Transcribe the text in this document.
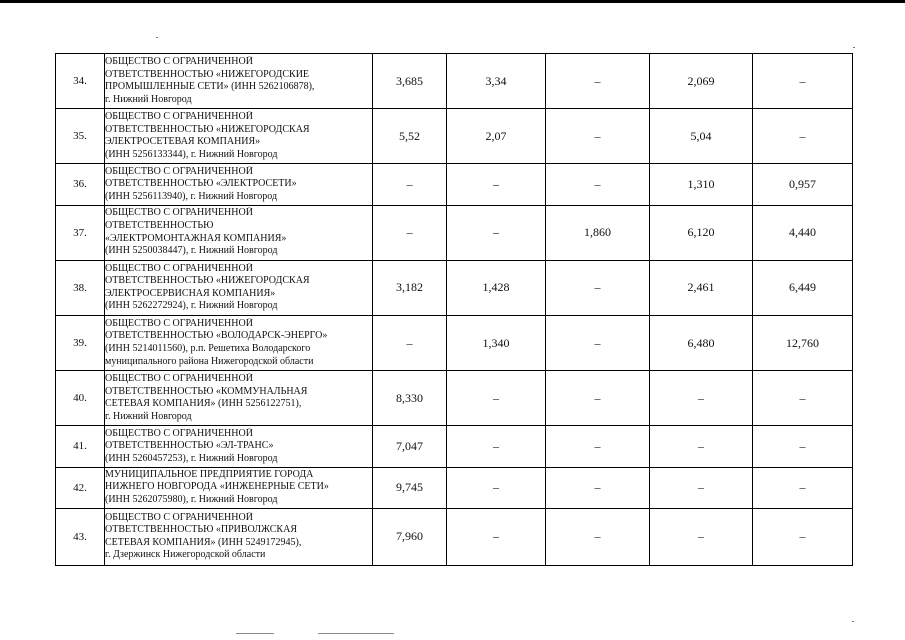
34.	ОБЩЕСТВО С ОГРАНИЧЕННОЙ
ОТВЕТСТВЕННОСТЬЮ «НИЖЕГОРОДСКИЕ
ПРОМЫШЛЕННЫЕ СЕТИ» (ИНН 5262106878),
г. Нижний Новгород	3,685	3,34	–	2,069	–
35.	ОБЩЕСТВО С ОГРАНИЧЕННОЙ
ОТВЕТСТВЕННОСТЬЮ «НИЖЕГОРОДСКАЯ
ЭЛЕКТРОСЕТЕВАЯ КОМПАНИЯ»
(ИНН 5256133344), г. Нижний Новгород	5,52	2,07	–	5,04	–
36.	ОБЩЕСТВО С ОГРАНИЧЕННОЙ
ОТВЕТСТВЕННОСТЬЮ «ЭЛЕКТРОСЕТИ»
(ИНН 5256113940), г. Нижний Новгород	–	–	–	1,310	0,957
37.	ОБЩЕСТВО С ОГРАНИЧЕННОЙ
ОТВЕТСТВЕННОСТЬЮ
«ЭЛЕКТРОМОНТАЖНАЯ КОМПАНИЯ»
(ИНН 5250038447), г. Нижний Новгород	–	–	1,860	6,120	4,440
38.	ОБЩЕСТВО С ОГРАНИЧЕННОЙ
ОТВЕТСТВЕННОСТЬЮ «НИЖЕГОРОДСКАЯ
ЭЛЕКТРОСЕРВИСНАЯ КОМПАНИЯ»
(ИНН 5262272924), г. Нижний Новгород	3,182	1,428	–	2,461	6,449
39.	ОБЩЕСТВО С ОГРАНИЧЕННОЙ
ОТВЕТСТВЕННОСТЬЮ «ВОЛОДАРСК-ЭНЕРГО»
(ИНН 5214011560), р.п. Решетиха Володарского
муниципального района Нижегородской области	–	1,340	–	6,480	12,760
40.	ОБЩЕСТВО С ОГРАНИЧЕННОЙ
ОТВЕТСТВЕННОСТЬЮ «КОММУНАЛЬНАЯ
СЕТЕВАЯ КОМПАНИЯ» (ИНН 5256122751),
г. Нижний Новгород	8,330	–	–	–	–
41.	ОБЩЕСТВО С ОГРАНИЧЕННОЙ
ОТВЕТСТВЕННОСТЬЮ «ЭЛ-ТРАНС»
(ИНН 5260457253), г. Нижний Новгород	7,047	–	–	–	–
42.	МУНИЦИПАЛЬНОЕ ПРЕДПРИЯТИЕ ГОРОДА
НИЖНЕГО НОВГОРОДА «ИНЖЕНЕРНЫЕ СЕТИ»
(ИНН 5262075980), г. Нижний Новгород	9,745	–	–	–	–
43.	ОБЩЕСТВО С ОГРАНИЧЕННОЙ
ОТВЕТСТВЕННОСТЬЮ «ПРИВОЛЖСКАЯ
СЕТЕВАЯ КОМПАНИЯ» (ИНН 5249172945),
г. Дзержинск Нижегородской области	7,960	–	–	–	–
